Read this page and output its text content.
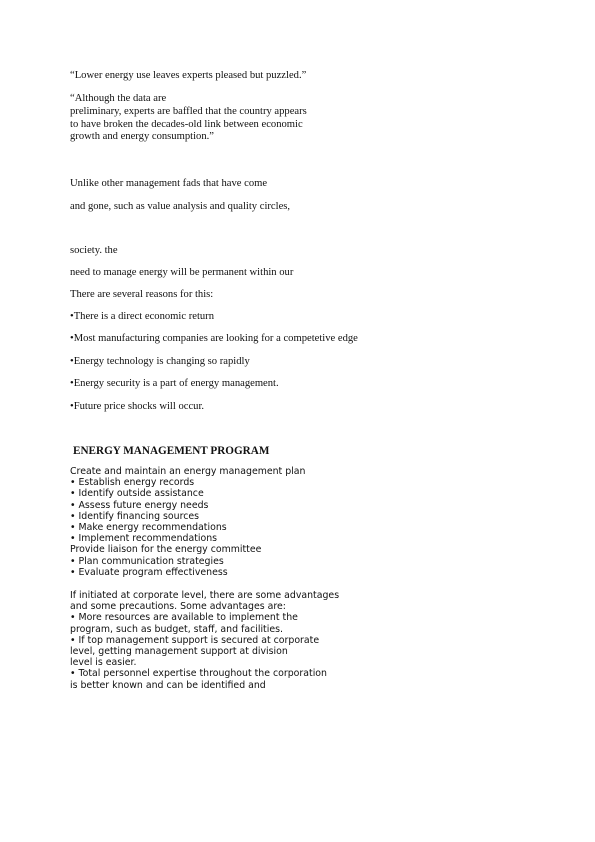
“Lower energy use leaves experts pleased but puzzled.”
“Although the data are
preliminary, experts are baffled that the country appears
to have broken the decades-old link between economic
growth and energy consumption.”
Unlike other management fads that have come
and gone, such as value analysis and quality circles,
society. the
need to manage energy will be permanent within our
There are several reasons for this:
•There is a direct economic return
•Most manufacturing companies are looking for a competetive edge
•Energy technology is changing so rapidly
•Energy security is a part of energy management.
•Future price shocks will occur.
ENERGY MANAGEMENT PROGRAM
Create and maintain an energy management plan
• Establish energy records
• Identify outside assistance
• Assess future energy needs
• Identify financing sources
• Make energy recommendations
• Implement recommendations
Provide liaison for the energy committee
• Plan communication strategies
• Evaluate program effectiveness
If initiated at corporate level, there are some advantages
and some precautions. Some advantages are:
• More resources are available to implement the
program, such as budget, staff, and facilities.
• If top management support is secured at corporate
level, getting management support at division
level is easier.
• Total personnel expertise throughout the corporation
is better known and can be identified and
